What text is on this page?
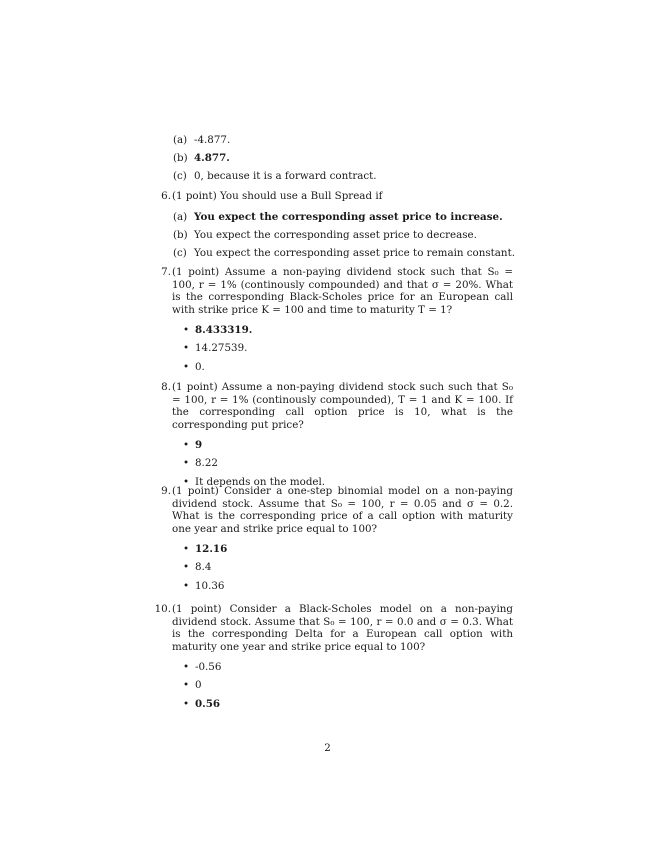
(a) -4.877.
(b) 4.877.
(c) 0, because it is a forward contract.
6. (1 point) You should use a Bull Spread if
(a) You expect the corresponding asset price to increase.
(b) You expect the corresponding asset price to decrease.
(c) You expect the corresponding asset price to remain constant.
7. (1 point) Assume a non-paying dividend stock such that S₀ = 100, r = 1% (continously compounded) and that σ = 20%. What is the corresponding Black-Scholes price for an European call with strike price K = 100 and time to maturity T = 1?
• 8.433319.
• 14.27539.
• 0.
8. (1 point) Assume a non-paying dividend stock such such that S₀ = 100, r = 1% (continously compounded), T = 1 and K = 100. If the corresponding call option price is 10, what is the corresponding put price?
• 9
• 8.22
• It depends on the model.
9. (1 point) Consider a one-step binomial model on a non-paying dividend stock. Assume that S₀ = 100, r = 0.05 and σ = 0.2. What is the corresponding price of a call option with maturity one year and strike price equal to 100?
• 12.16
• 8.4
• 10.36
10. (1 point) Consider a Black-Scholes model on a non-paying dividend stock. Assume that S₀ = 100, r = 0.0 and σ = 0.3. What is the corresponding Delta for a European call option with maturity one year and strike price equal to 100?
• -0.56
• 0
• 0.56
2
